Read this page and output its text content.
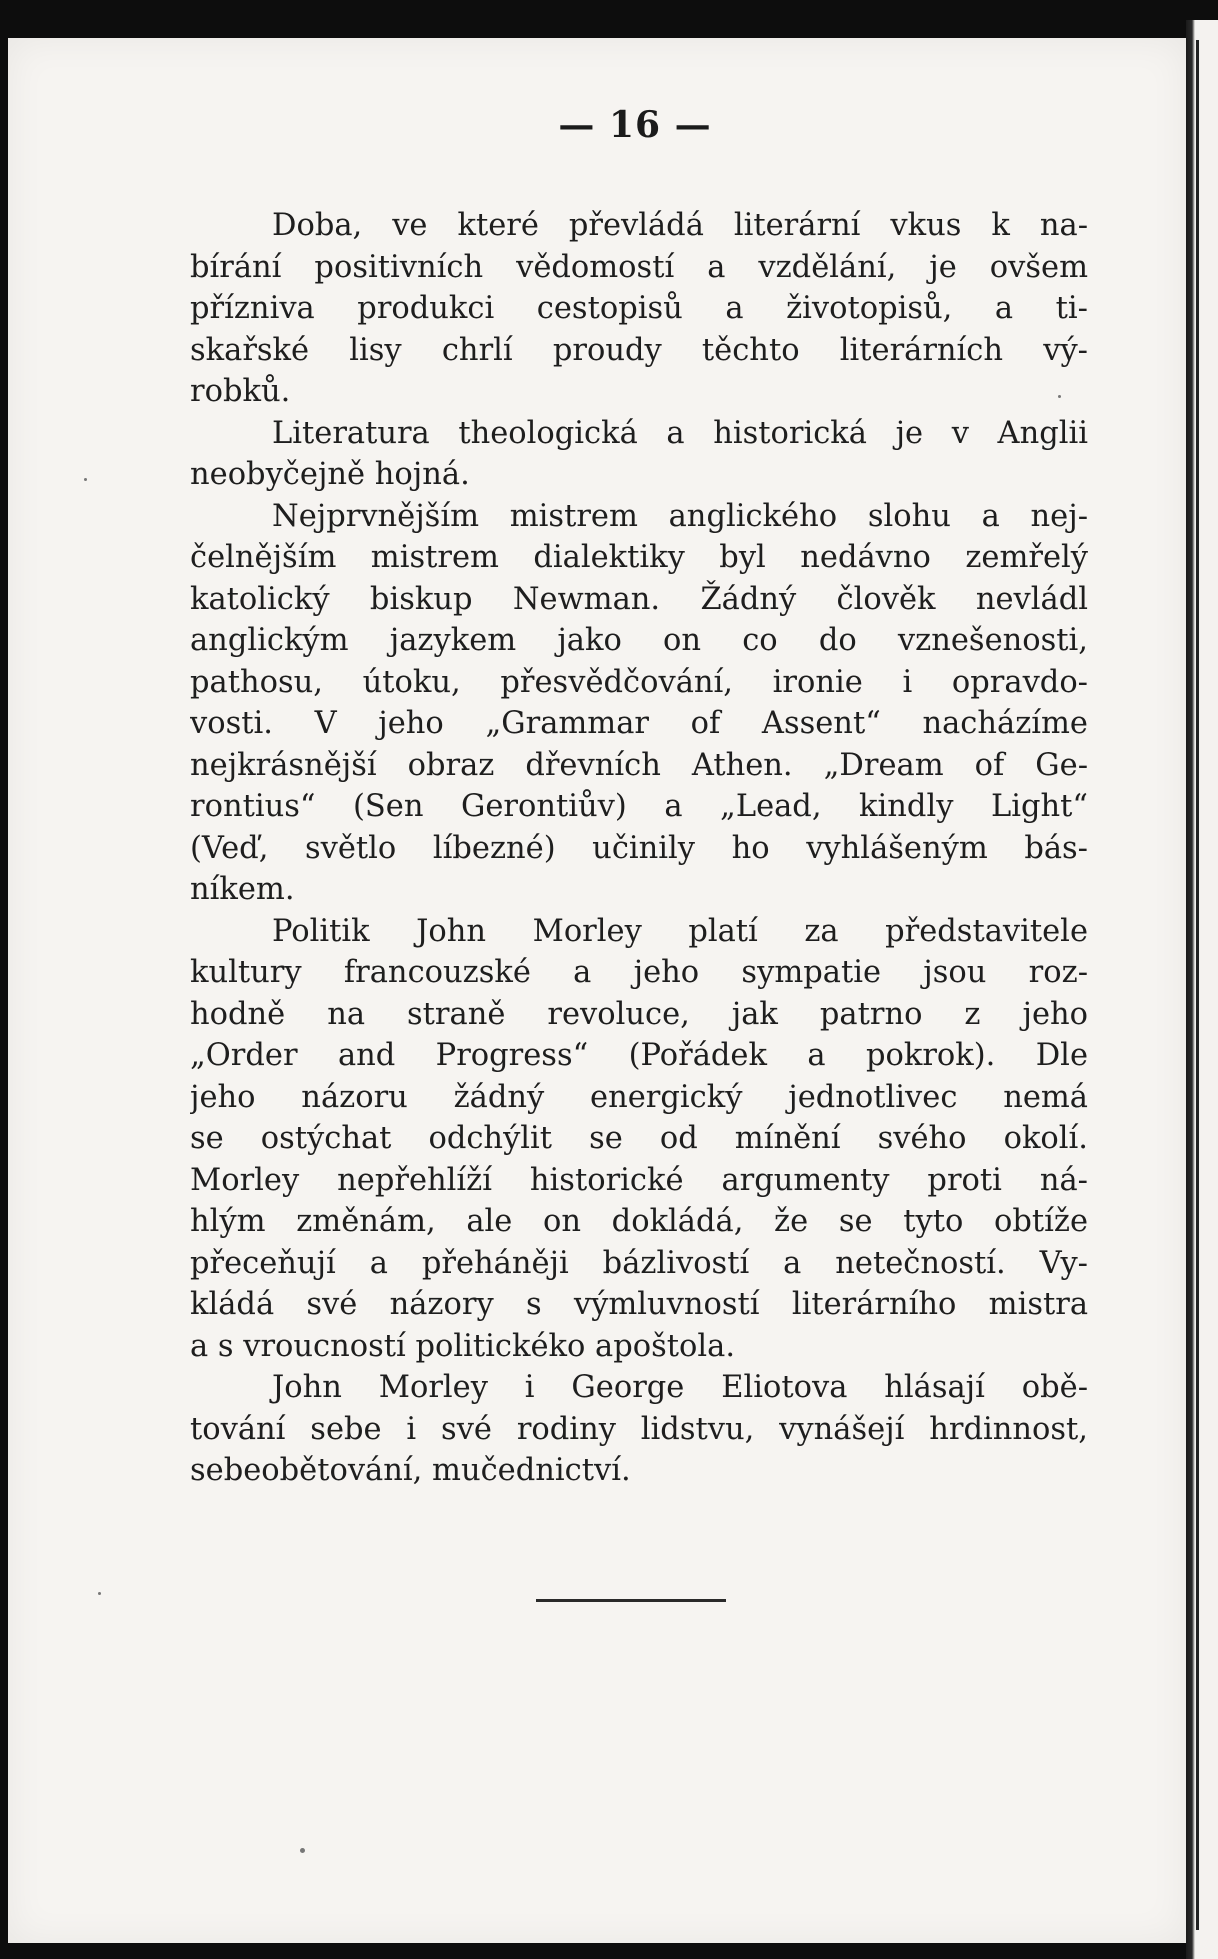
— 16 —
Doba, ve které převládá literární vkus k na-
bírání positivních vědomostí a vzdělání, je ovšem
přízniva produkci cestopisů a životopisů, a ti-
skařské lisy chrlí proudy těchto literárních vý-
robků.
Literatura theologická a historická je v Anglii
neobyčejně hojná.
Nejprvnějším mistrem anglického slohu a nej-
čelnějším mistrem dialektiky byl nedávno zemřelý
katolický biskup Newman. Žádný člověk nevládl
anglickým jazykem jako on co do vznešenosti,
pathosu, útoku, přesvědčování, ironie i opravdo-
vosti. V jeho „Grammar of Assent“ nacházíme
nejkrásnější obraz dřevních Athen. „Dream of Ge-
rontius“ (Sen Gerontiův) a „Lead, kindly Light“
(Veď, světlo líbezné) učinily ho vyhlášeným bás-
níkem.
Politik John Morley platí za představitele
kultury francouzské a jeho sympatie jsou roz-
hodně na straně revoluce, jak patrno z jeho
„Order and Progress“ (Pořádek a pokrok). Dle
jeho názoru žádný energický jednotlivec nemá
se ostýchat odchýlit se od mínění svého okolí.
Morley nepřehlíží historické argumenty proti ná-
hlým změnám, ale on dokládá, že se tyto obtíže
přeceňují a přeháněji bázlivostí a netečností. Vy-
kládá své názory s výmluvností literárního mistra
a s vroucností politickéko apoštola.
John Morley i George Eliotova hlásají obě-
tování sebe i své rodiny lidstvu, vynášejí hrdinnost,
sebeobětování, mučednictví.
